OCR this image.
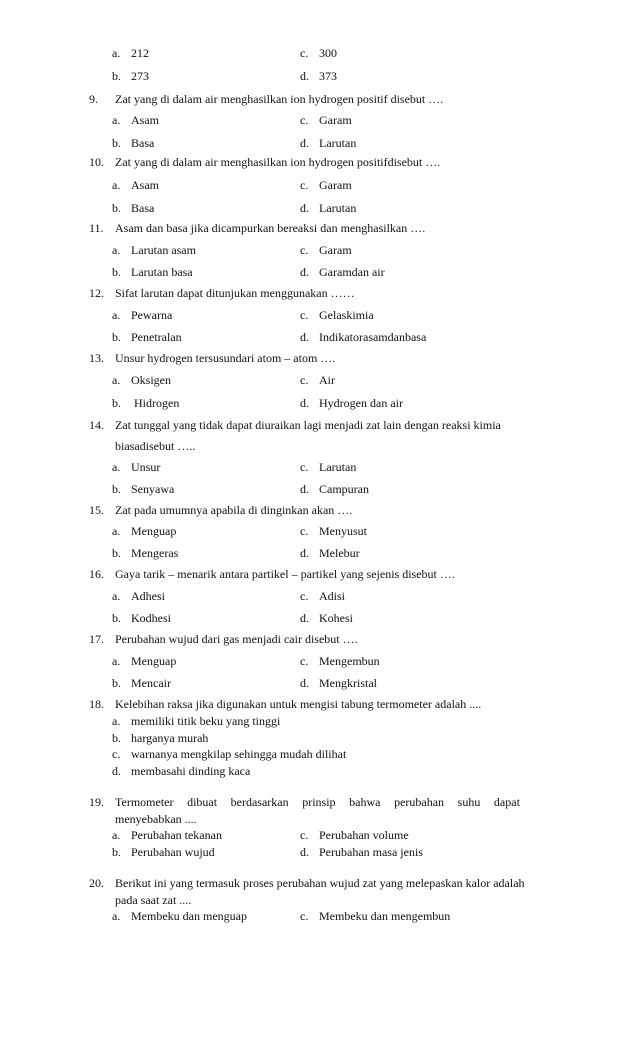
a. 212	c. 300
b. 273	d. 373
9. Zat yang di dalam air menghasilkan ion hydrogen positif disebut ….
a. Asam	c. Garam
b. Basa	d. Larutan
10. Zat yang di dalam air menghasilkan ion hydrogen positifdisebut ….
a. Asam	c. Garam
b. Basa	d. Larutan
11. Asam dan basa jika dicampurkan bereaksi dan menghasilkan ….
a. Larutan asam	c. Garam
b. Larutan basa	d. Garamdan air
12. Sifat larutan dapat ditunjukan menggunakan ……
a. Pewarna	c. Gelaskimia
b. Penetralan	d. Indikatorasamdanbasa
13. Unsur hydrogen tersusundari atom – atom ….
a. Oksigen	c. Air
b. Hidrogen	d. Hydrogen dan air
14. Zat tunggal yang tidak dapat diuraikan lagi menjadi zat lain dengan reaksi kimia
biasadisebut …..
a. Unsur	c. Larutan
b. Senyawa	d. Campuran
15. Zat pada umumnya apabila di dinginkan akan ….
a. Menguap	c. Menyusut
b. Mengeras	d. Melebur
16. Gaya tarik – menarik antara partikel – partikel yang sejenis disebut ….
a. Adhesi	c. Adisi
b. Kodhesi	d. Kohesi
17. Perubahan wujud dari gas menjadi cair disebut ….
a. Menguap	c. Mengembun
b. Mencair	d. Mengkristal
18. Kelebihan raksa jika digunakan untuk mengisi tabung termometer adalah ....
a. memiliki titik beku yang tinggi
b. harganya murah
c. warnanya mengkilap sehingga mudah dilihat
d. membasahi dinding kaca
19. Termometer dibuat berdasarkan prinsip bahwa perubahan suhu dapat
menyebabkan ....
a. Perubahan tekanan	c. Perubahan volume
b. Perubahan wujud	d. Perubahan masa jenis
20. Berikut ini yang termasuk proses perubahan wujud zat yang melepaskan kalor adalah
pada saat zat ....
a. Membeku dan menguap	c. Membeku dan mengembun
